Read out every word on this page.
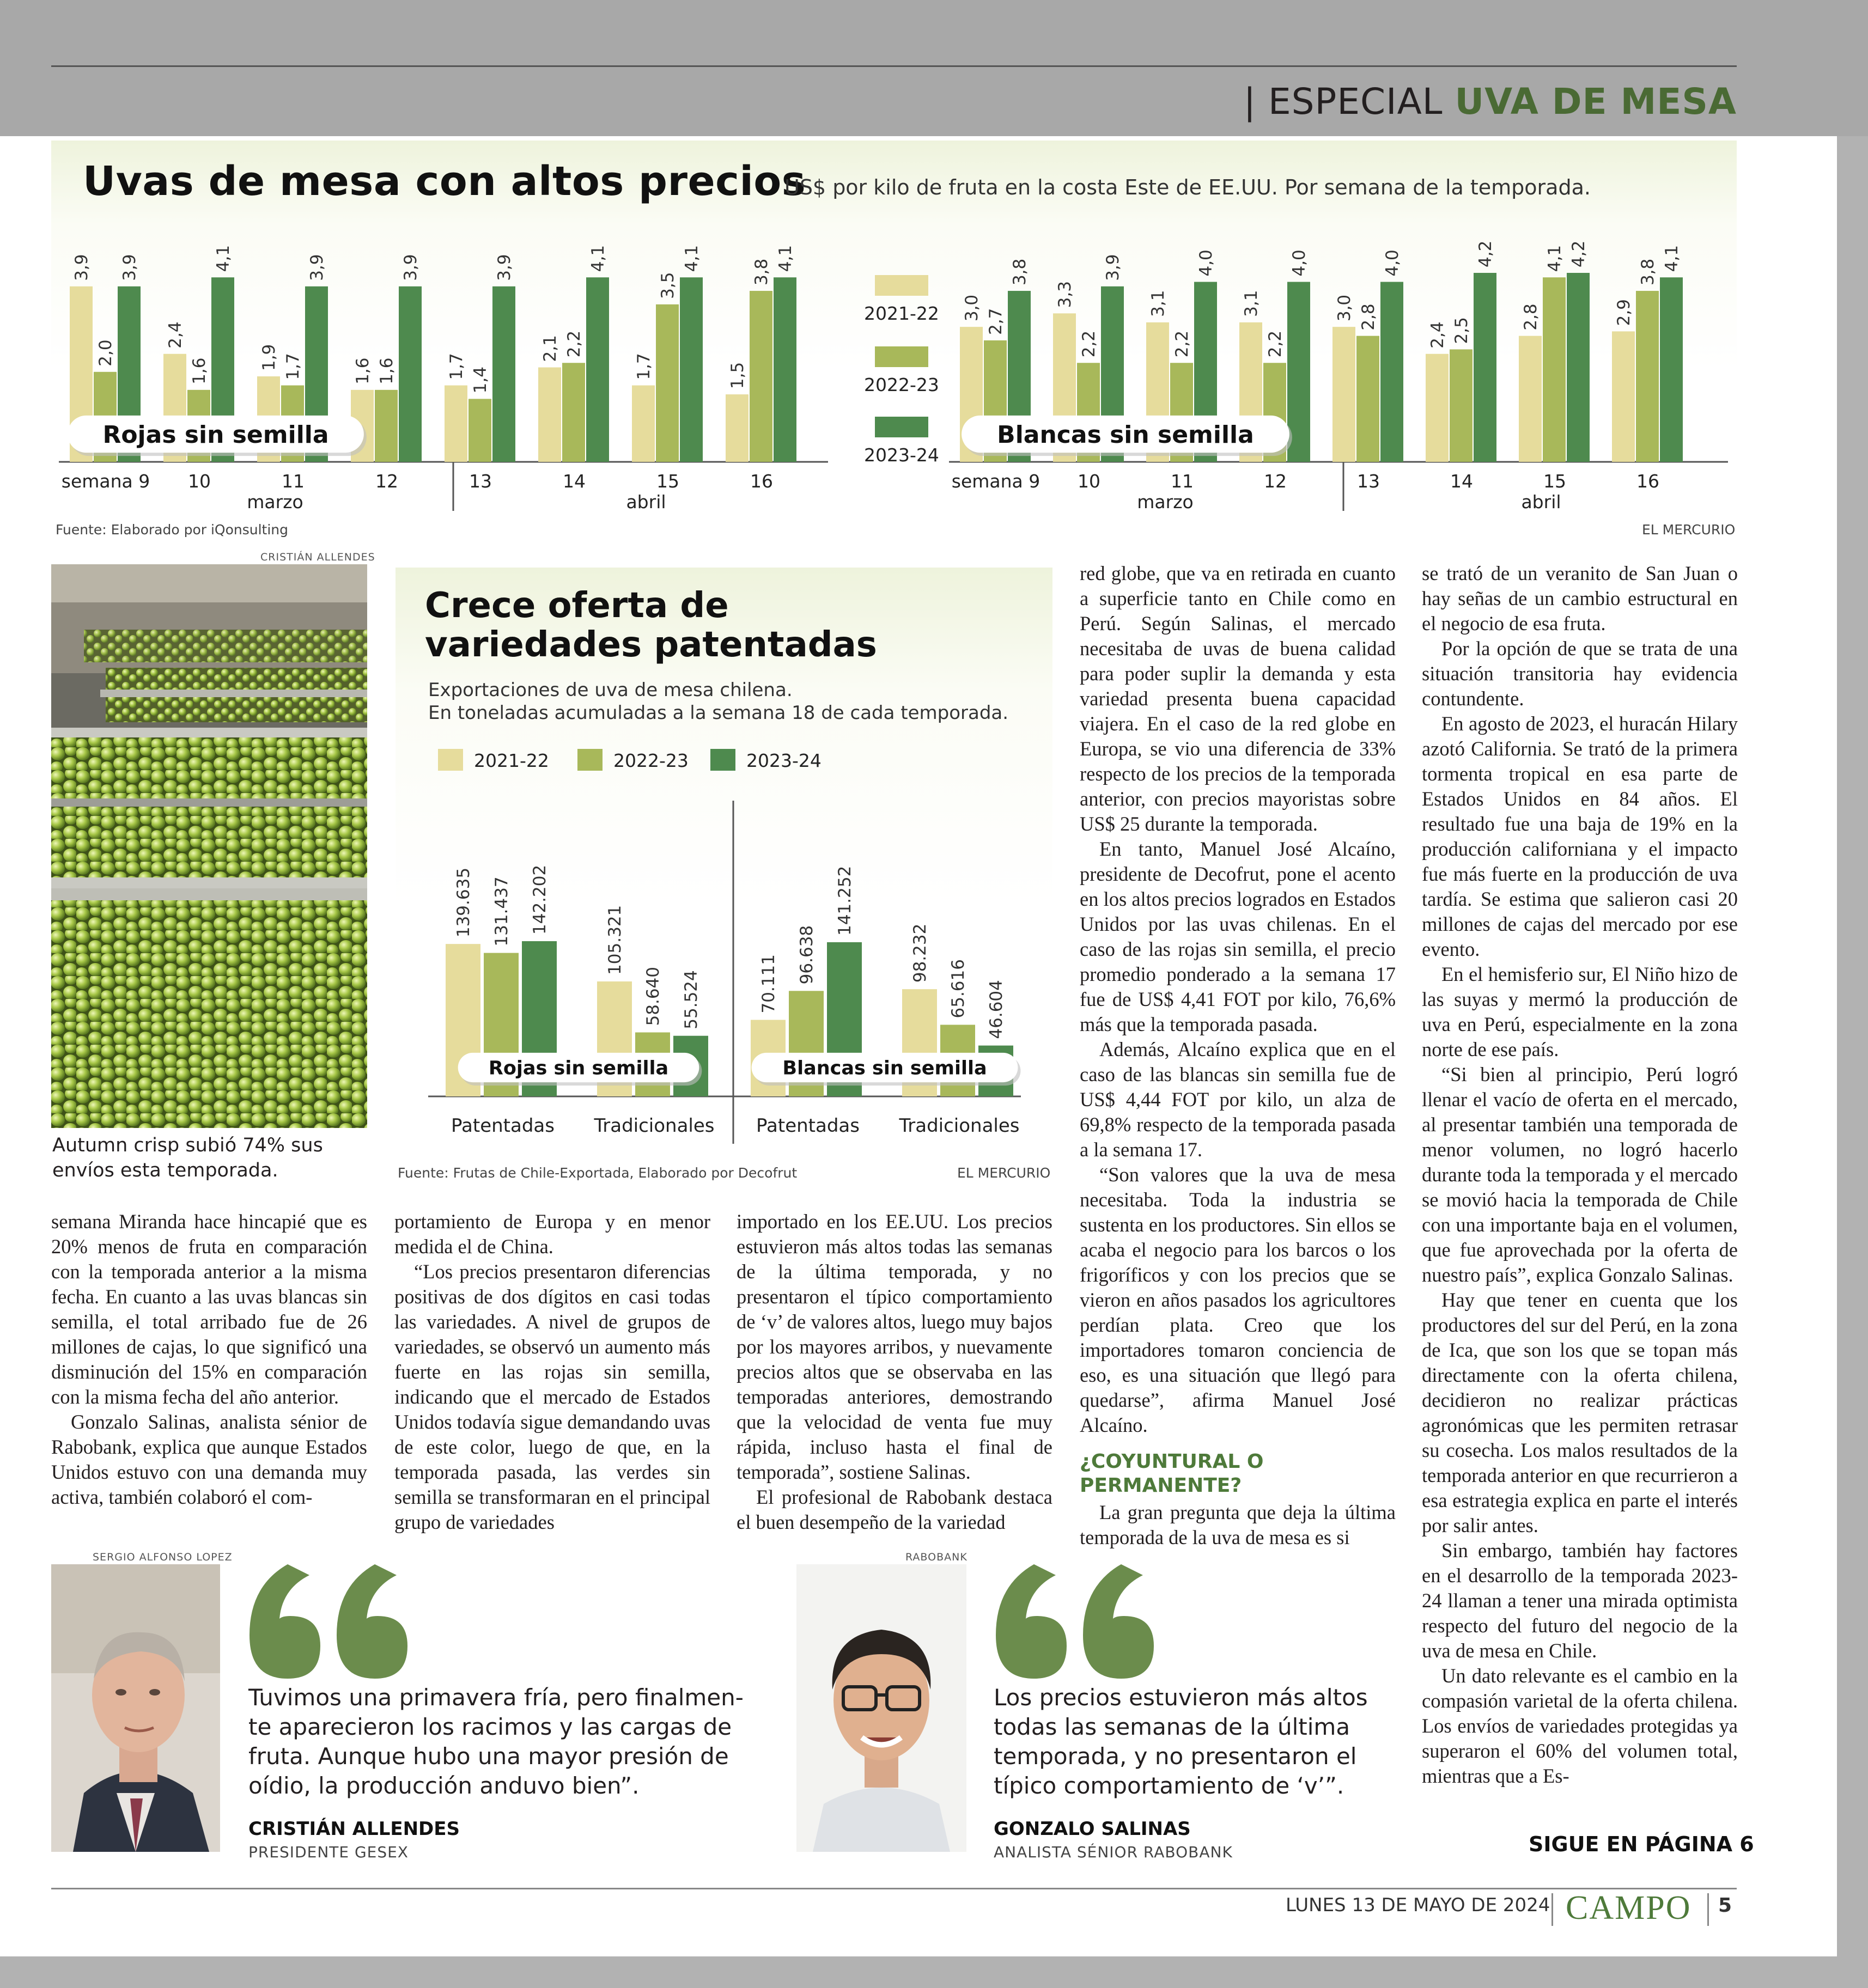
| ESPECIAL UVA DE MESA
Uvas de mesa con altos precios
US$ por kilo de fruta en la costa Este de EE.UU. Por semana de la temporada.
3,9
2,0
3,9
semana 9
2,4
1,6
4,1
10
1,9 1,7
3,9
11
1,6 1,6
3,9
12
1,7
1,4
3,9
13
2,1 2,2
4,1
14
1,7
3,5
4,1
15
1,5
3,8
4,1
16
marzo	abril
Rojas sin semilla
3,0
2,7
3,8
semana 9
3,3
2,2
3,9
10
3,1
2,2
4,0
11
3,1
2,2
4,0
12
3,0 2,8
4,0
13
2,4 2,5
4,2
14
2,8
4,1 4,2
15
2,9
3,8
4,1
16
marzo	abril
Blancas sin semilla
2021-22
2022-23
2023-24
Fuente: Elaborado por iQonsulting	EL MERCURIO
CRISTIÁN ALLENDES
Autumn crisp subió 74% sus
envíos esta temporada.
Crece oferta de
variedades patentadas
Exportaciones de uva de mesa chilena.
En toneladas acumuladas a la semana 18 de cada temporada.
2021-22	2022-23	2023-24
139.635 131.437 142.202
Patentadas
105.321
58.640 55.524
Tradicionales
Rojas sin semilla
70.111 96.638
141.252
Patentadas
98.232
65.616 46.604
Tradicionales
Blancas sin semilla
Fuente: Frutas de Chile-Exportada, Elaborado por Decofrut	EL MERCURIO

semana Miranda hace hincapié que es 20% menos de fruta en comparación con la temporada anterior a la misma fecha. En cuanto a las uvas blancas sin semilla, el total arribado fue de 26 millones de cajas, lo que significó una disminución del 15% en comparación con la misma fecha del año anterior.

Gonzalo Salinas, analista sénior de Rabobank, explica que aunque Estados Unidos estuvo con una demanda muy activa, también colaboró el com-

portamiento de Europa y en menor medida el de China.

“Los precios presentaron diferencias positivas de dos dígitos en casi todas las variedades. A nivel de grupos de variedades, se observó un aumento más fuerte en las rojas sin semilla, indicando que el mercado de Estados Unidos todavía sigue demandando uvas de este color, luego de que, en la temporada pasada, las verdes sin semilla se transformaran en el principal grupo de variedades

importado en los EE.UU. Los precios estuvieron más altos todas las semanas de la última temporada, y no presentaron el típico comportamiento de ‘v’ de valores altos, luego muy bajos por los mayores arribos, y nuevamente precios altos que se observaba en las temporadas anteriores, demostrando que la velocidad de venta fue muy rápida, incluso hasta el final de temporada”, sostiene Salinas.

El profesional de Rabobank destaca el buen desempeño de la variedad

red globe, que va en retirada en cuanto a superficie tanto en Chile como en Perú. Según Salinas, el mercado necesitaba de uvas de buena calidad para poder suplir la demanda y esta variedad presenta buena capacidad viajera. En el caso de la red globe en Europa, se vio una diferencia de 33% respecto de los precios de la temporada anterior, con precios mayoristas sobre US$ 25 durante la temporada.

En tanto, Manuel José Alcaíno, presidente de Decofrut, pone el acento en los altos precios logrados en Estados Unidos por las uvas chilenas. En el caso de las rojas sin semilla, el precio promedio ponderado a la semana 17 fue de US$ 4,41 FOT por kilo, 76,6% más que la temporada pasada.

Además, Alcaíno explica que en el caso de las blancas sin semilla fue de US$ 4,44 FOT por kilo, un alza de 69,8% respecto de la temporada pasada a la semana 17.

“Son valores que la uva de mesa necesitaba. Toda la industria se sustenta en los productores. Sin ellos se acaba el negocio para los barcos o los frigoríficos y con los precios que se vieron en años pasados los agricultores perdían plata. Creo que los importadores tomaron conciencia de eso, es una situación que llegó para quedarse”, afirma Manuel José Alcaíno.

¿COYUNTURAL O
PERMANENTE?

La gran pregunta que deja la última temporada de la uva de mesa es si

se trató de un veranito de San Juan o hay señas de un cambio estructural en el negocio de esa fruta.

Por la opción de que se trata de una situación transitoria hay evidencia contundente.

En agosto de 2023, el huracán Hilary azotó California. Se trató de la primera tormenta tropical en esa parte de Estados Unidos en 84 años. El resultado fue una baja de 19% en la producción californiana y el impacto fue más fuerte en la producción de uva tardía. Se estima que salieron casi 20 millones de cajas del mercado por ese evento.

En el hemisferio sur, El Niño hizo de las suyas y mermó la producción de uva en Perú, especialmente en la zona norte de ese país.

“Si bien al principio, Perú logró llenar el vacío de oferta en el mercado, al presentar también una temporada de menor volumen, no logró hacerlo durante toda la temporada y el mercado se movió hacia la temporada de Chile con una importante baja en el volumen, que fue aprovechada por la oferta de nuestro país”, explica Gonzalo Salinas.

Hay que tener en cuenta que los productores del sur del Perú, en la zona de Ica, que son los que se topan más directamente con la oferta chilena, decidieron no realizar prácticas agronómicas que les permiten retrasar su cosecha. Los malos resultados de la temporada anterior en que recurrieron a esa estrategia explica en parte el interés por salir antes.

Sin embargo, también hay factores en el desarrollo de la temporada 2023-24 llaman a tener una mirada optimista respecto del futuro del negocio de la uva de mesa en Chile.

Un dato relevante es el cambio en la compasión varietal de la oferta chilena. Los envíos de variedades protegidas ya superaron el 60% del volumen total, mientras que a Es-

SERGIO ALFONSO LOPEZ
Tuvimos una primavera fría, pero finalmen-
te aparecieron los racimos y las cargas de
fruta. Aunque hubo una mayor presión de
oídio, la producción anduvo bien”.
CRISTIÁN ALLENDES
PRESIDENTE GESEX
RABOBANK
Los precios estuvieron más altos
todas las semanas de la última
temporada, y no presentaron el
típico comportamiento de ‘v’”.
GONZALO SALINAS
ANALISTA SÉNIOR RABOBANK	SIGUE EN PÁGINA 6
LUNES 13 DE MAYO DE 2024 CAMPO 5
